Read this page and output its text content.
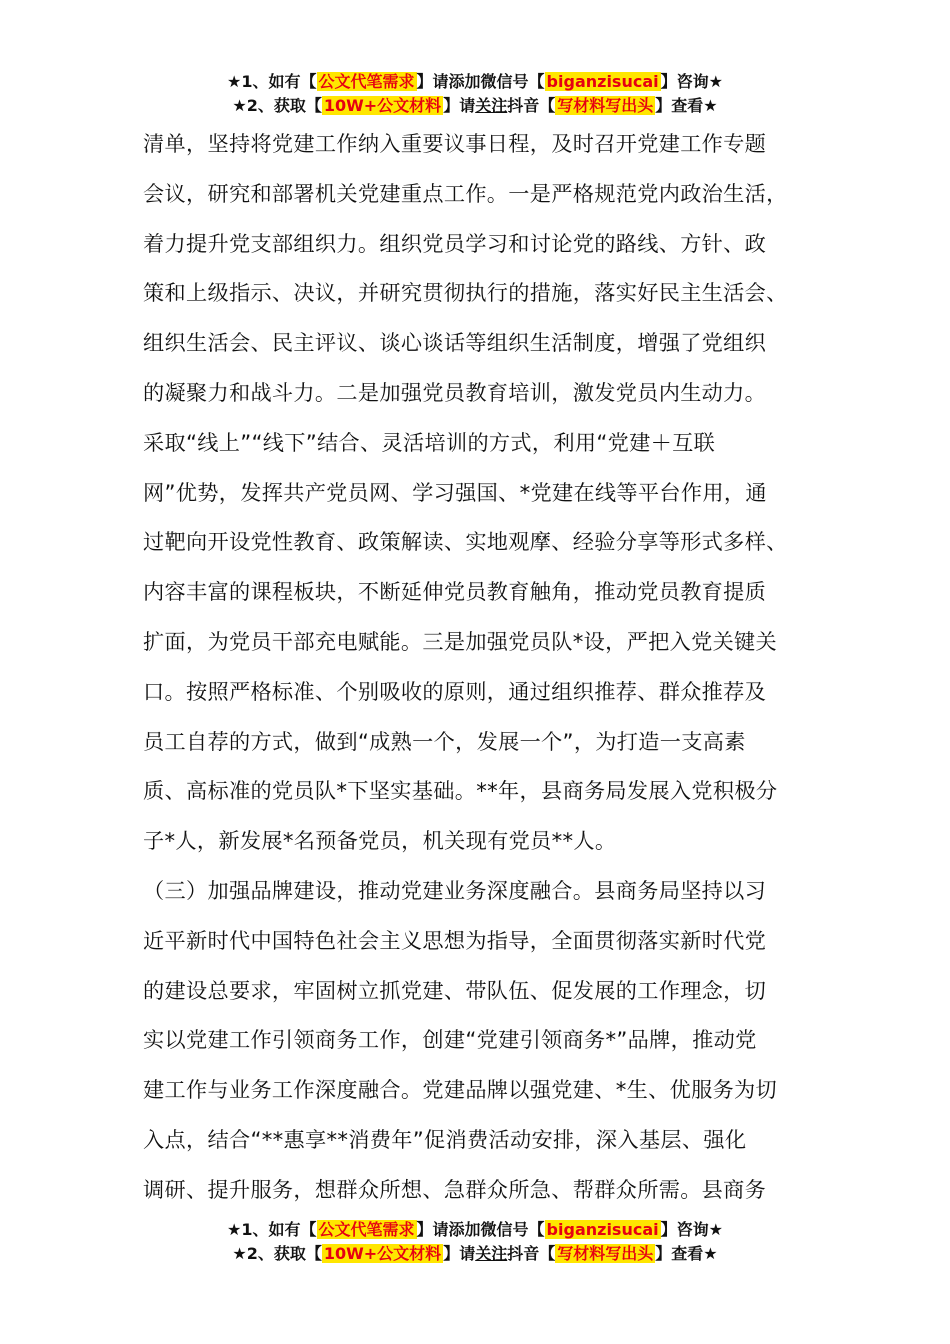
★1、如有【 公文代笔需求 】请添加微信号【 biganzisucai 】咨询★
★2、获取【 10W+公文材料 】请关注抖音【 写材料写出头 】查看★
清单，坚持将党建工作纳入重要议事日程，及时召开党建工作专题
会议，研究和部署机关党建重点工作。一是严格规范党内政治生活，
着力提升党支部组织力。组织党员学习和讨论党的路线、方针、政
策和上级指示、决议，并研究贯彻执行的措施，落实好民主生活会、
组织生活会、民主评议、谈心谈话等组织生活制度，增强了党组织
的凝聚力和战斗力。二是加强党员教育培训，激发党员内生动力。
采取“线上”“线下”结合、灵活培训的方式，利用“党建＋互联
网”优势，发挥共产党员网、学习强国、*党建在线等平台作用，通
过靶向开设党性教育、政策解读、实地观摩、经验分享等形式多样、
内容丰富的课程板块，不断延伸党员教育触角，推动党员教育提质
扩面，为党员干部充电赋能。三是加强党员队*设，严把入党关键关
口。按照严格标准、个别吸收的原则，通过组织推荐、群众推荐及
员工自荐的方式，做到“成熟一个，发展一个”，为打造一支高素
质、高标准的党员队*下坚实基础。**年，县商务局发展入党积极分
子*人，新发展*名预备党员，机关现有党员**人。
（三）加强品牌建设，推动党建业务深度融合。县商务局坚持以习
近平新时代中国特色社会主义思想为指导，全面贯彻落实新时代党
的建设总要求，牢固树立抓党建、带队伍、促发展的工作理念，切
实以党建工作引领商务工作，创建“党建引领商务*”品牌，推动党
建工作与业务工作深度融合。党建品牌以强党建、*生、优服务为切
入点，结合“**惠享**消费年”促消费活动安排，深入基层、强化
调研、提升服务，想群众所想、急群众所急、帮群众所需。县商务
★1、如有【 公文代笔需求 】请添加微信号【 biganzisucai 】咨询★
★2、获取【 10W+公文材料 】请关注抖音【 写材料写出头 】查看★
